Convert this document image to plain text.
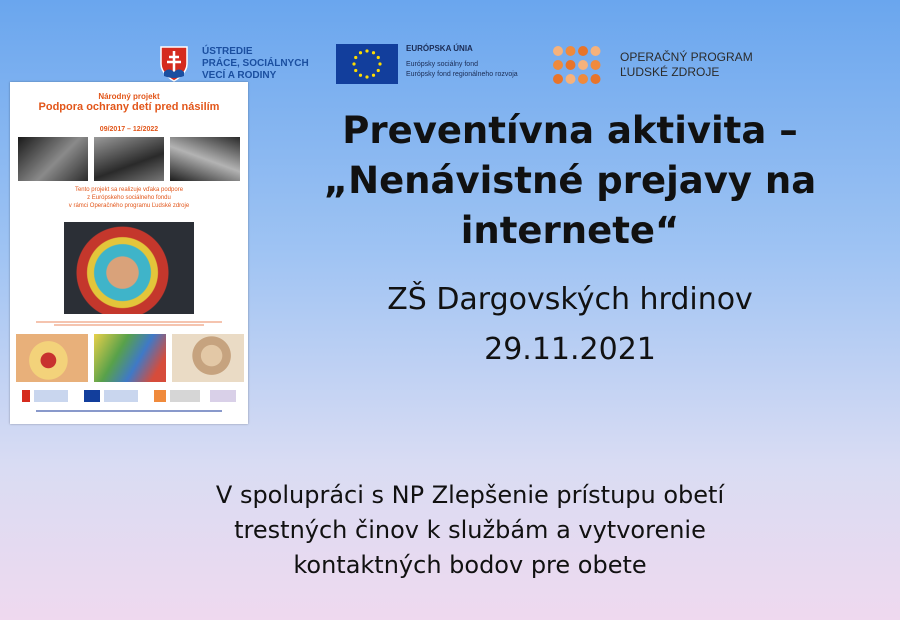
ÚSTREDIE
PRÁCE, SOCIÁLNYCH
VECÍ A RODINY
EURÓPSKA ÚNIA
Európsky sociálny fond
Európsky fond regionálneho rozvoja
OPERAČNÝ PROGRAM
ĽUDSKÉ ZDROJE
Národný projekt
Podpora ochrany detí pred násilím
09/2017 – 12/2022
Tento projekt sa realizuje vďaka podpore
z Európskeho sociálneho fondu
v rámci Operačného programu Ľudské zdroje
Preventívna aktivita –
„Nenávistné prejavy na
internete“
ZŠ Dargovských hrdinov
29.11.2021
V spolupráci s NP Zlepšenie prístupu obetí
trestných činov k službám a vytvorenie
kontaktných bodov pre obete
